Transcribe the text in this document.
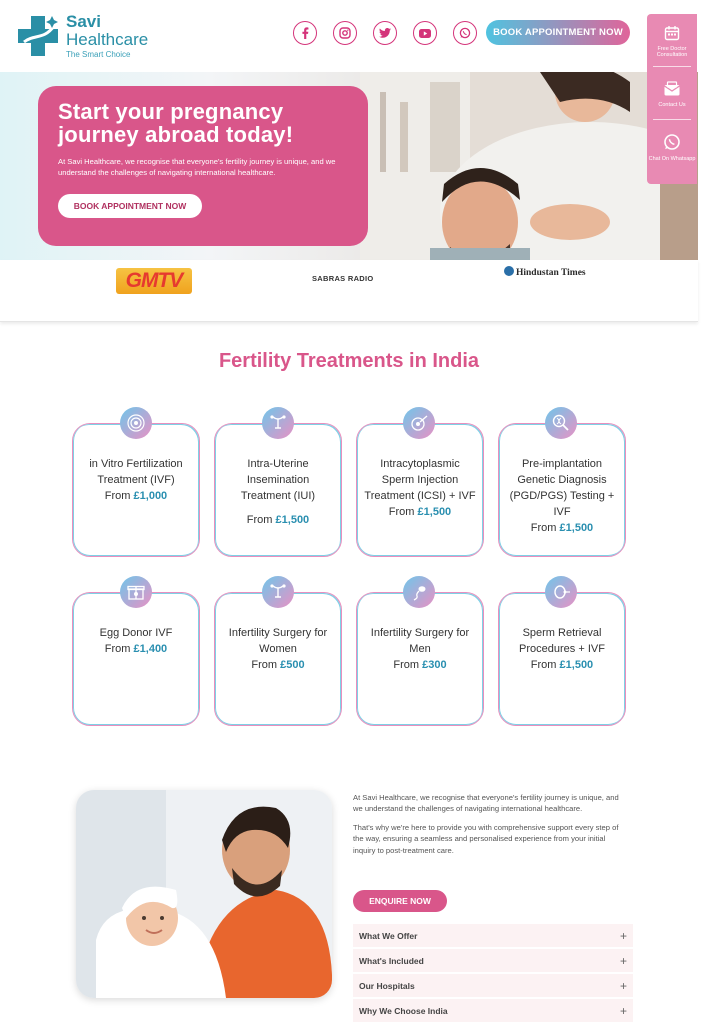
Savi
Healthcare
The Smart Choice
BOOK APPOINTMENT NOW
Free Doctor Consultation
Contact Us
Chat On Whatsapp
Start your pregnancy journey abroad today!
At Savi Healthcare, we recognise that everyone's fertility journey is unique, and we understand the challenges of navigating international healthcare.
BOOK APPOINTMENT NOW
GMTV	SABRAS RADIO
Hindustan Times
Fertility Treatments in India
in Vitro Fertilization Treatment (IVF)
From £1,000
Intra-Uterine Insemination Treatment (IUI)
From £1,500
Intracytoplasmic Sperm Injection Treatment (ICSI) + IVF
From £1,500
Pre-implantation Genetic Diagnosis (PGD/PGS) Testing + IVF
From £1,500
Egg Donor IVF
From £1,400
Infertility Surgery for Women
From £500
Infertility Surgery for Men
From £300
Sperm Retrieval Procedures + IVF
From £1,500

At Savi Healthcare, we recognise that everyone's fertility journey is unique, and we understand the challenges of navigating international healthcare.

That's why we're here to provide you with comprehensive support every step of the way, ensuring a seamless and personalised experience from your initial inquiry to post-treatment care.

ENQUIRE NOW
What We Offer	+
What's Included	+
Our Hospitals	+
Why We Choose India	+
